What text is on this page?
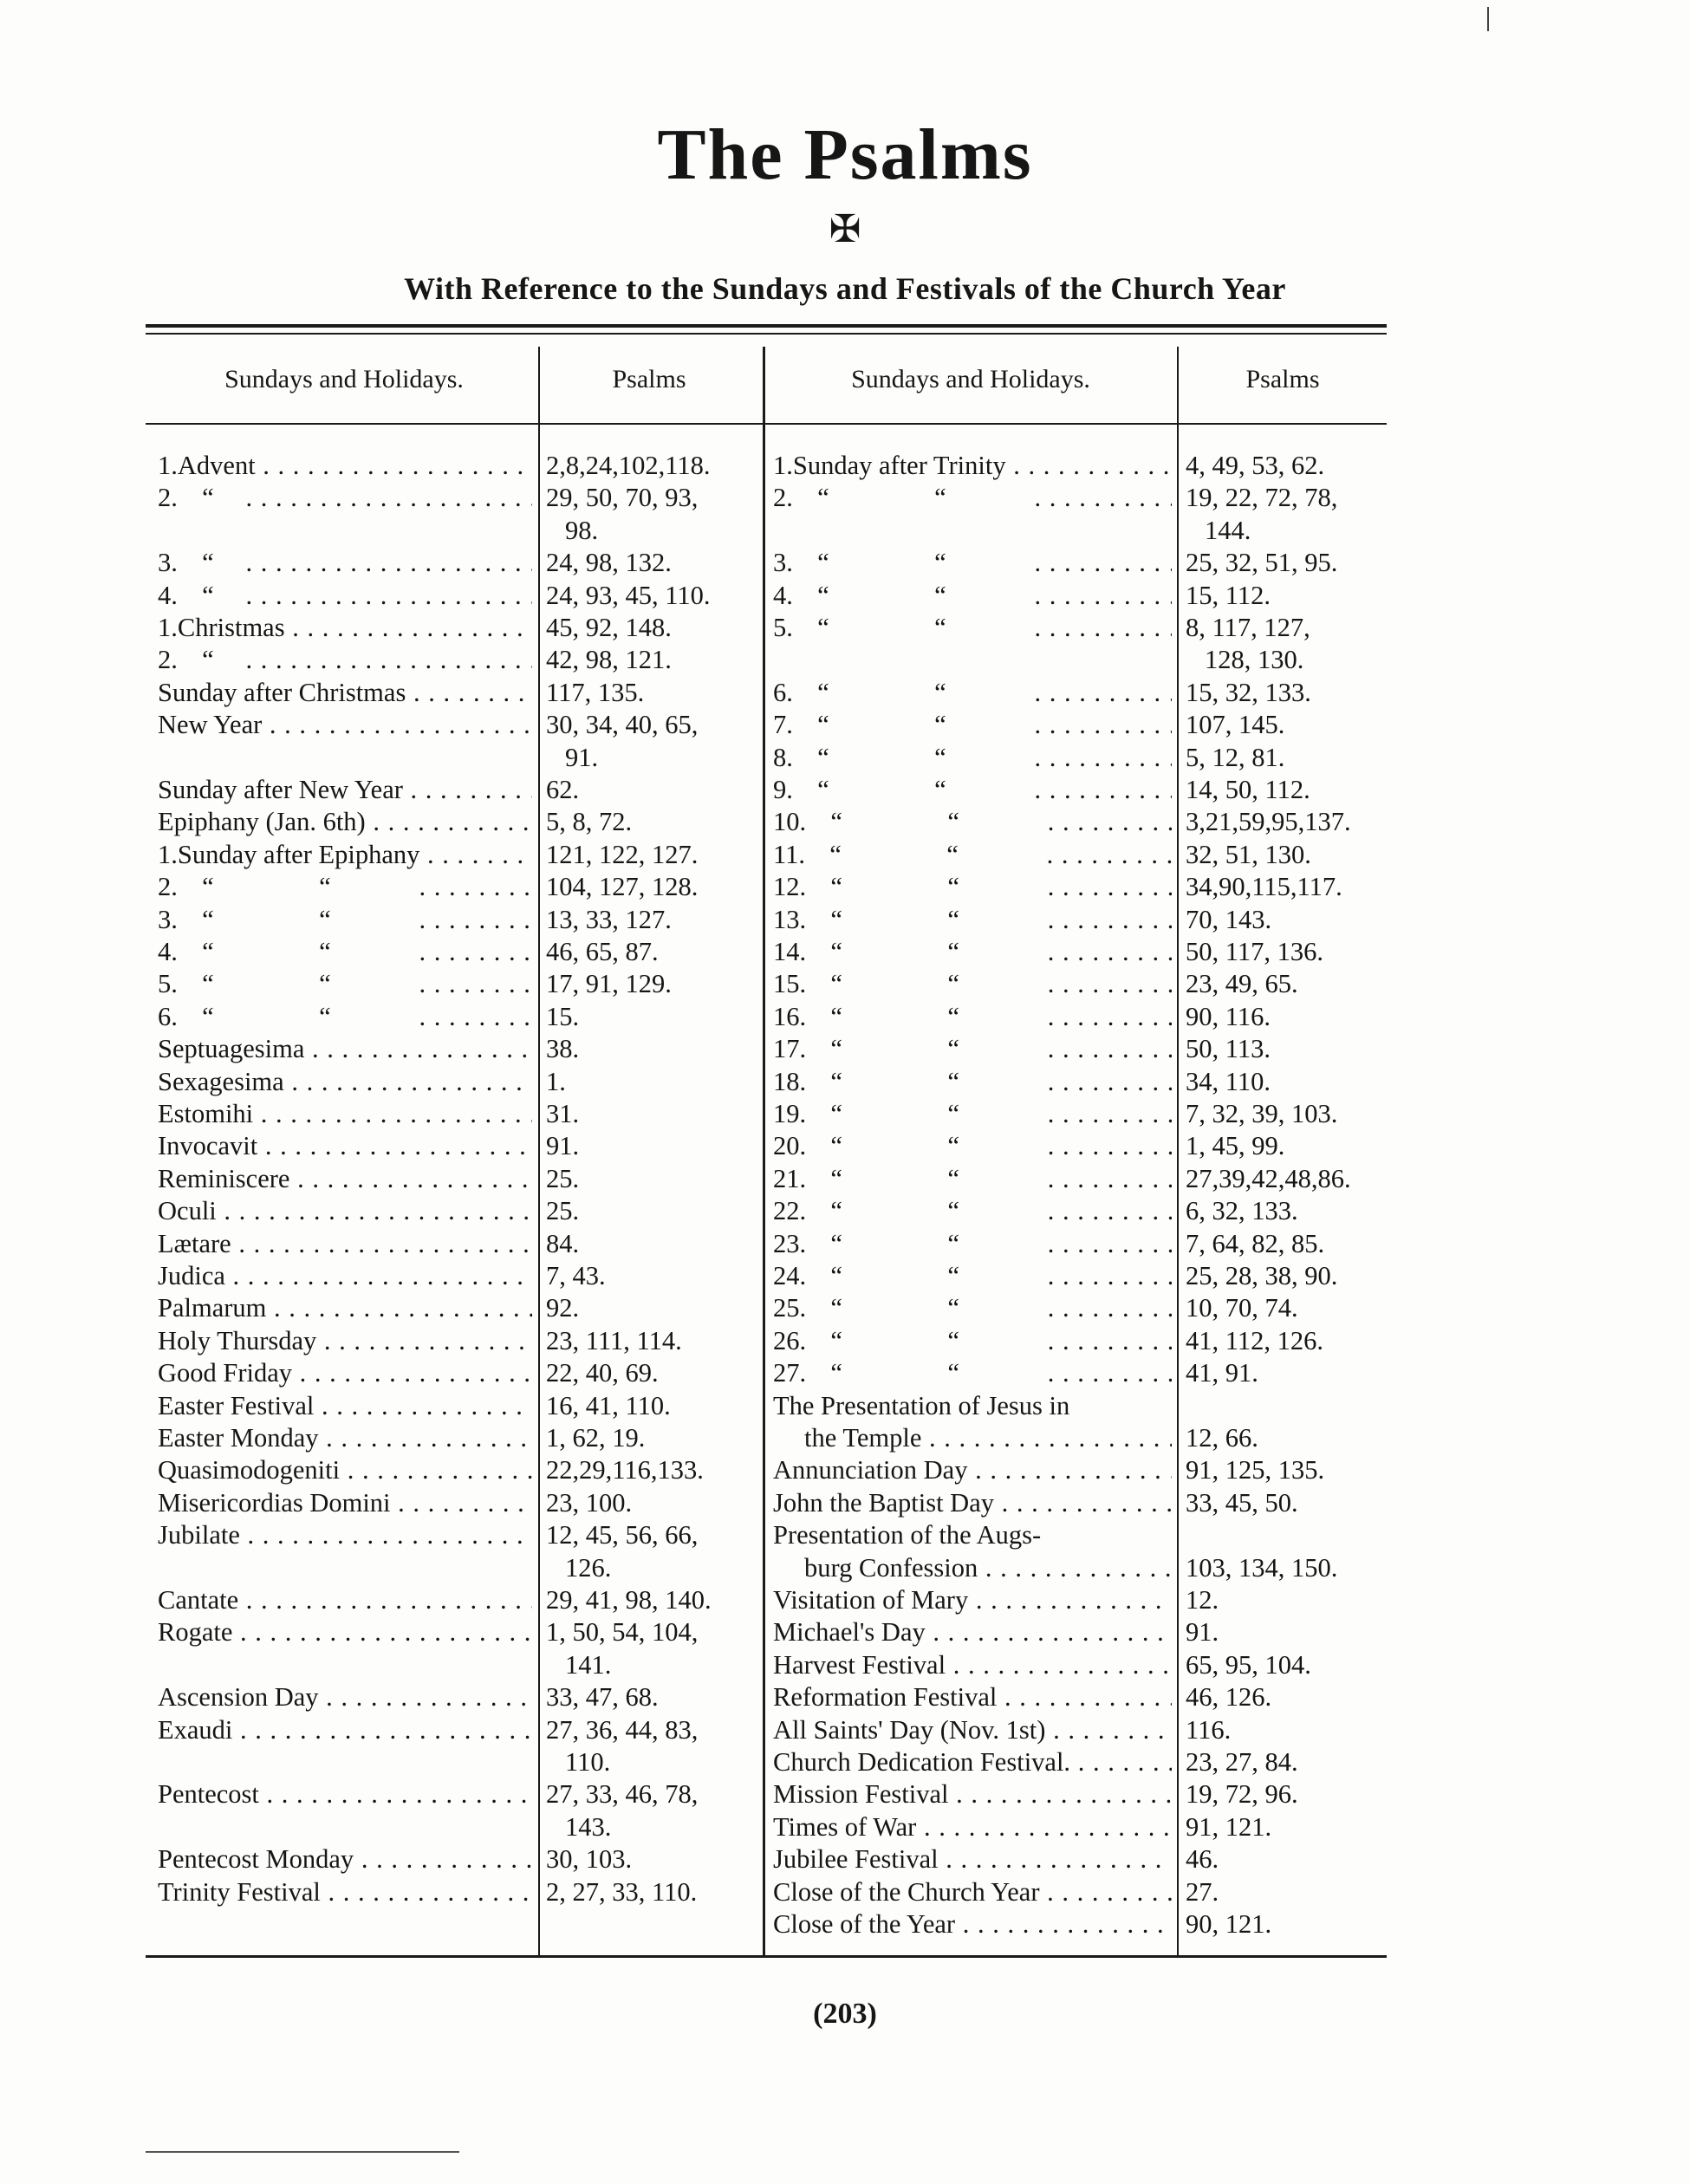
The Psalms
✠
With Reference to the Sundays and Festivals of the Church Year
Sundays and Holidays.	Psalms	Sundays and Holidays.	Psalms
1. Advent . . .	2,8,24,102,118.
2. “ . . .	29, 50, 70, 93,
98.
3. “ . . .	24, 98, 132.
4. “ . . .	24, 93, 45, 110.
1. Christmas . . .	45, 92, 148.
2. “ . . .	42, 98, 121.
Sunday after Christmas . . .	117, 135.
New Year . . .	30, 34, 40, 65,
91.
Sunday after New Year . . .	62.
Epiphany (Jan. 6th) . . .	5, 8, 72.
1. Sunday after Epiphany . . .	121, 122, 127.
2. “	“ . . .	104, 127, 128.
3. “	“ . . .	13, 33, 127.
4. “	“ . . .	46, 65, 87.
5. “	“ . . .	17, 91, 129.
6. “	“ . . .	15.
Septuagesima . . .	38.
Sexagesima . . .	1.
Estomihi . . .	31.
Invocavit . . .	91.
Reminiscere . . .	25.
Oculi . . .	25.
Lætare . . .	84.
Judica . . .	7, 43.
Palmarum . . .	92.
Holy Thursday . . .	23, 111, 114.
Good Friday . . .	22, 40, 69.
Easter Festival . . .	16, 41, 110.
Easter Monday . . .	1, 62, 19.
Quasimodogeniti . . .	22,29,116,133.
Misericordias Domini . . .	23, 100.
Jubilate . . .	12, 45, 56, 66,
126.
Cantate . . .	29, 41, 98, 140.
Rogate . . .	1, 50, 54, 104,
141.
Ascension Day . . .	33, 47, 68.
Exaudi . . .	27, 36, 44, 83,
110.
Pentecost . . .	27, 33, 46, 78,
143.
Pentecost Monday . . .	30, 103.
Trinity Festival . . .	2, 27, 33, 110.
1. Sunday after Trinity . . .	4, 49, 53, 62.
2. “	“ . . .	19, 22, 72, 78,
144.
3. “	“ . . .	25, 32, 51, 95.
4. “	“ . . .	15, 112.
5. “	“ . . .	8, 117, 127,
128, 130.
6. “	“ . . .	15, 32, 133.
7. “	“ . . .	107, 145.
8. “	“ . . .	5, 12, 81.
9. “	“ . . .	14, 50, 112.
10. “	“ . . .	3,21,59,95,137.
11. “	“ . . .	32, 51, 130.
12. “	“ . . .	34,90,115,117.
13. “	“ . . .	70, 143.
14. “	“ . . .	50, 117, 136.
15. “	“ . . .	23, 49, 65.
16. “	“ . . .	90, 116.
17. “	“ . . .	50, 113.
18. “	“ . . .	34, 110.
19. “	“ . . .	7, 32, 39, 103.
20. “	“ . . .	1, 45, 99.
21. “	“ . . .	27,39,42,48,86.
22. “	“ . . .	6, 32, 133.
23. “	“ . . .	7, 64, 82, 85.
24. “	“ . . .	25, 28, 38, 90.
25. “	“ . . .	10, 70, 74.
26. “	“ . . .	41, 112, 126.
27. “	“ . . .	41, 91.
The Presentation of Jesus in
the Temple . . .	12, 66.
Annunciation Day . . .	91, 125, 135.
John the Baptist Day . . .	33, 45, 50.
Presentation of the Augs-
burg Confession . . .	103, 134, 150.
Visitation of Mary . . .	12.
Michael's Day . . .	91.
Harvest Festival . . .	65, 95, 104.
Reformation Festival . . .	46, 126.
All Saints' Day (Nov. 1st) . . .	116.
Church Dedication Festival. . . .	23, 27, 84.
Mission Festival . . .	19, 72, 96.
Times of War . . .	91, 121.
Jubilee Festival . . .	46.
Close of the Church Year . . .	27.
Close of the Year . . .	90, 121.
(203)
